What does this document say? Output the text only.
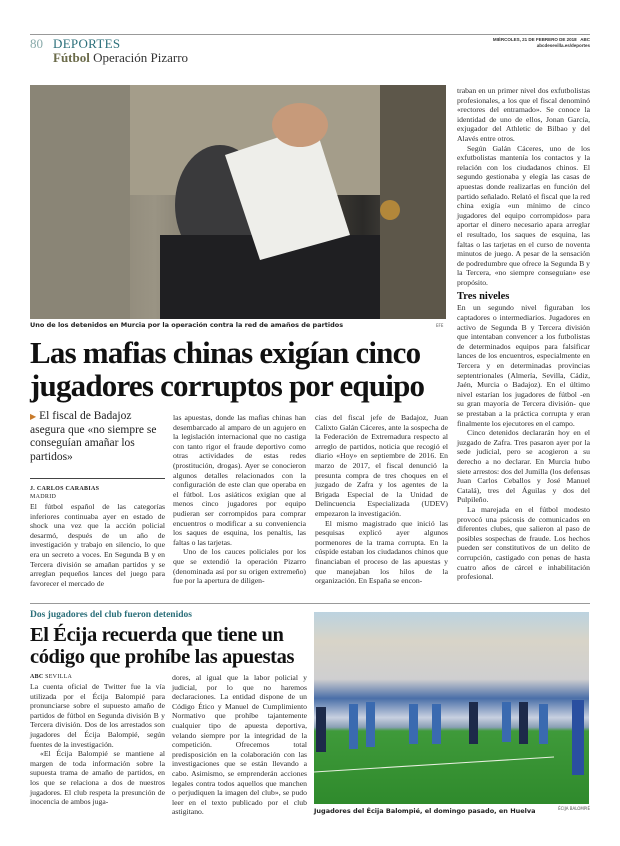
80 DEPORTES
Fútbol Operación Pizarro
MIÉRCOLES, 21 DE FEBRERO DE 2018 ABC
abcdesevilla.es/deportes
Uno de los detenidos en Murcia por la operación contra la red de amaños de partidos	EFE
Las mafias chinas exigían cinco jugadores corruptos por equipo
▶ El fiscal de Badajoz asegura que «no siempre se conseguían amañar los partidos»
J. CARLOS CARABIAS
MADRID

El fútbol español de las categorías inferiores continuaba ayer en estado de shock una vez que la acción policial desarmó, después de un año de investigación y trabajo en silencio, lo que era un secreto a voces. En Segunda B y en Tercera división se amañan partidos y se arreglan pequeños lances del juego para favorecer el mercado de

las apuestas, donde las mafias chinas han desembarcado al amparo de un agujero en la legislación internacional que no castiga con tanto rigor el fraude deportivo como otras actividades de estas redes (prostitución, drogas). Ayer se conocieron algunos detalles relacionados con la configuración de este clan que operaba en el fútbol. Los asiáticos exigían que al menos cinco jugadores por equipo pudieran ser corrompidos para comprar encuentros o modificar a su conveniencia los saques de esquina, los penaltis, las faltas o las tarjetas.

Uno de los cauces policiales por los que se extendió la operación Pizarro (denominada así por su origen extremeño) fue por la apertura de diligen-

cias del fiscal jefe de Badajoz, Juan Calixto Galán Cáceres, ante la sospecha de la Federación de Extremadura respecto al arreglo de partidos, noticia que recogió el diario «Hoy» en septiembre de 2016. En marzo de 2017, el fiscal denunció la presunta compra de tres choques en el juzgado de Zafra y los agentes de la Brigada Especial de la Unidad de Delincuencia Especializada (UDEV) empezaron la investigación.

El mismo magistrado que inició las pesquisas explicó ayer algunos pormenores de la trama corrupta. En la cúspide estaban los ciudadanos chinos que financiaban el proceso de las apuestas y que manejaban los hilos de la organización. En España se encon-

traban en un primer nivel dos exfutbolistas profesionales, a los que el fiscal denominó «rectores del entramado». Se conoce la identidad de uno de ellos, Jonan García, exjugador del Athletic de Bilbao y del Alavés entre otros.

Según Galán Cáceres, uno de los exfutbolistas mantenía los contactos y la relación con los ciudadanos chinos. El segundo gestionaba y elegía las casas de apuestas donde realizarlas en función del partido señalado. Relató el fiscal que la red china exigía «un mínimo de cinco jugadores del equipo corrompidos» para aportar el dinero necesario apara arreglar el resultado, los saques de esquina, las faltas o las tarjetas en el curso de noventa minutos de juego. A pesar de la sensación de podredumbre que ofrece la Segunda B y la Tercera, «no siempre conseguían» ese propósito.

Tres niveles

En un segundo nivel figuraban los captadores o intermediarios. Jugadores en activo de Segunda B y Tercera división que intentaban convencer a los futbolistas de determinados equipos para falsificar lances de los encuentros, especialmente en Tercera y en determinadas provincias septentrionales (Almería, Sevilla, Cádiz, Jaén, Murcia o Badajoz). En el último nivel estarían los jugadores de fútbol -en su gran mayoría de Tercera división- que se prestaban a la práctica corrupta y eran finalmente los ejecutores en el campo.

Cinco detenidos declararán hoy en el juzgado de Zafra. Tres pasaron ayer por la sede judicial, pero se acogieron a su derecho a no declarar. En Murcia hubo siete arrestos: dos del Jumilla (los defensas Juan Carlos Ceballos y José Manuel Catalá), tres del Águilas y dos del Pulpileño.

La marejada en el fútbol modesto provocó una psicosis de comunicados en diferentes clubes, que salieron al paso de posibles sospechas de fraude. Los hechos pueden ser constitutivos de un delito de corrupción, castigado con penas de hasta cuatro años de cárcel e inhabilitación profesional.

Dos jugadores del club fueron detenidos
El Écija recuerda que tiene un código que prohíbe las apuestas
ABC SEVILLA

La cuenta oficial de Twitter fue la vía utilizada por el Écija Balompié para pronunciarse sobre el supuesto amaño de partidos de fútbol en Segunda división B y Tercera división. Dos de los arrestados son jugadores del Écija Balompié, según fuentes de la investigación.

«El Écija Balompié se mantiene al margen de toda información sobre la supuesta trama de amaño de partidos, en los que se relaciona a dos de nuestros jugadores. El club respeta la presunción de inocencia de ambos juga-

dores, al igual que la labor policial y judicial, por lo que no haremos declaraciones. La entidad dispone de un Código Ético y Manuel de Cumplimiento Normativo que prohíbe tajantemente cualquier tipo de apuesta deportiva, velando siempre por la integridad de la competición. Ofrecemos total predisposición en la colaboración con las investigaciones que se están llevando a cabo. Asimismo, se emprenderán acciones legales contra todos aquellos que manchen o perjudiquen la imagen del club», se pudo leer en el texto publicado por el club astigitano.	Jugadores del Écija Balompié, el domingo pasado, en Huelva	ÉCIJA BALOMPIÉ
